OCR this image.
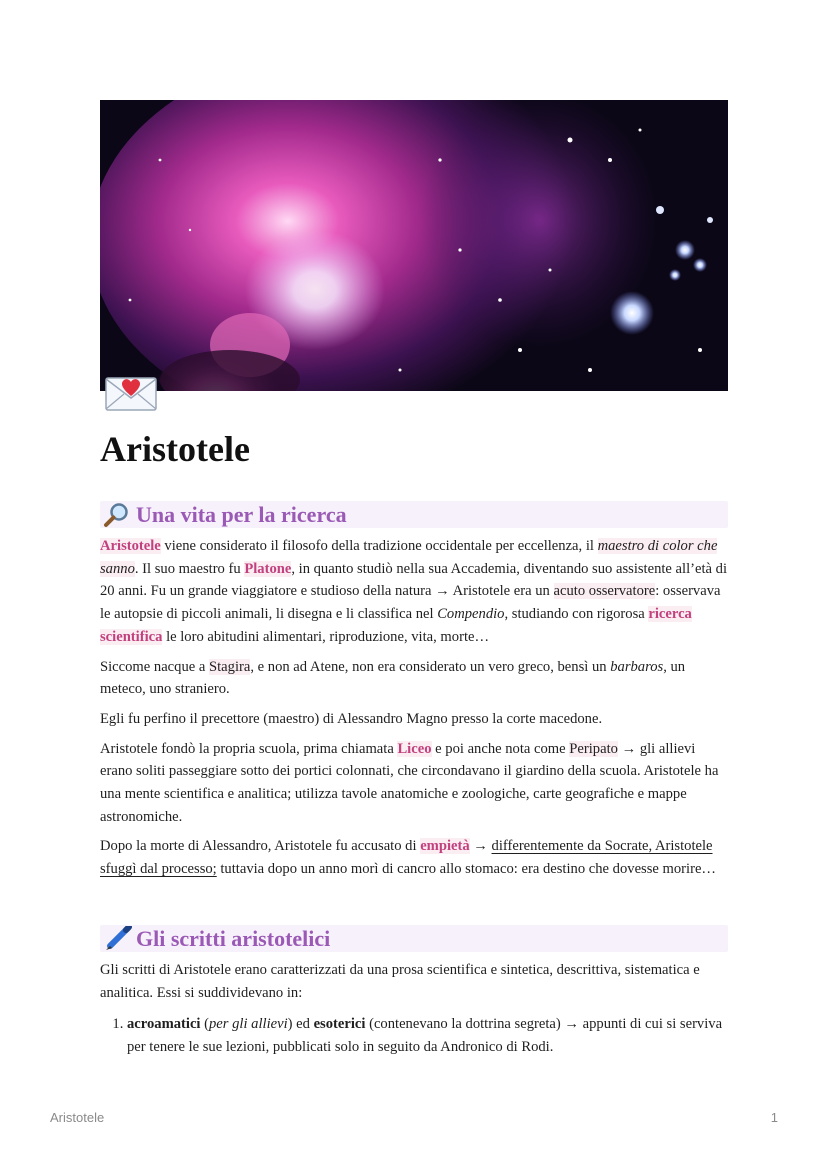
Aristotele
Una vita per la ricerca

Aristotele viene considerato il filosofo della tradizione occidentale per eccellenza, il maestro di color che sanno. Il suo maestro fu Platone, in quanto studiò nella sua Accademia, diventando suo assistente all’età di 20 anni. Fu un grande viaggiatore e studioso della natura → Aristotele era un acuto osservatore: osservava le autopsie di piccoli animali, li disegna e li classifica nel Compendio, studiando con rigorosa ricerca scientifica le loro abitudini alimentari, riproduzione, vita, morte…

Siccome nacque a Stagira, e non ad Atene, non era considerato un vero greco, bensì un barbaros, un meteco, uno straniero.

Egli fu perfino il precettore (maestro) di Alessandro Magno presso la corte macedone.

Aristotele fondò la propria scuola, prima chiamata Liceo e poi anche nota come Peripato → gli allievi erano soliti passeggiare sotto dei portici colonnati, che circondavano il giardino della scuola. Aristotele ha una mente scientifica e analitica; utilizza tavole anatomiche e zoologiche, carte geografiche e mappe astronomiche.

Dopo la morte di Alessandro, Aristotele fu accusato di empietà → differentemente da Socrate, Aristotele sfuggì dal processo; tuttavia dopo un anno morì di cancro allo stomaco: era destino che dovesse morire…

Gli scritti aristotelici

Gli scritti di Aristotele erano caratterizzati da una prosa scientifica e sintetica, descrittiva, sistematica e analitica. Essi si suddividevano in:

1. acroamatici (per gli allievi) ed esoterici (contenevano la dottrina segreta) → appunti di cui si serviva per tenere le sue lezioni, pubblicati solo in seguito da Andronico di Rodi.
Aristotele	1
